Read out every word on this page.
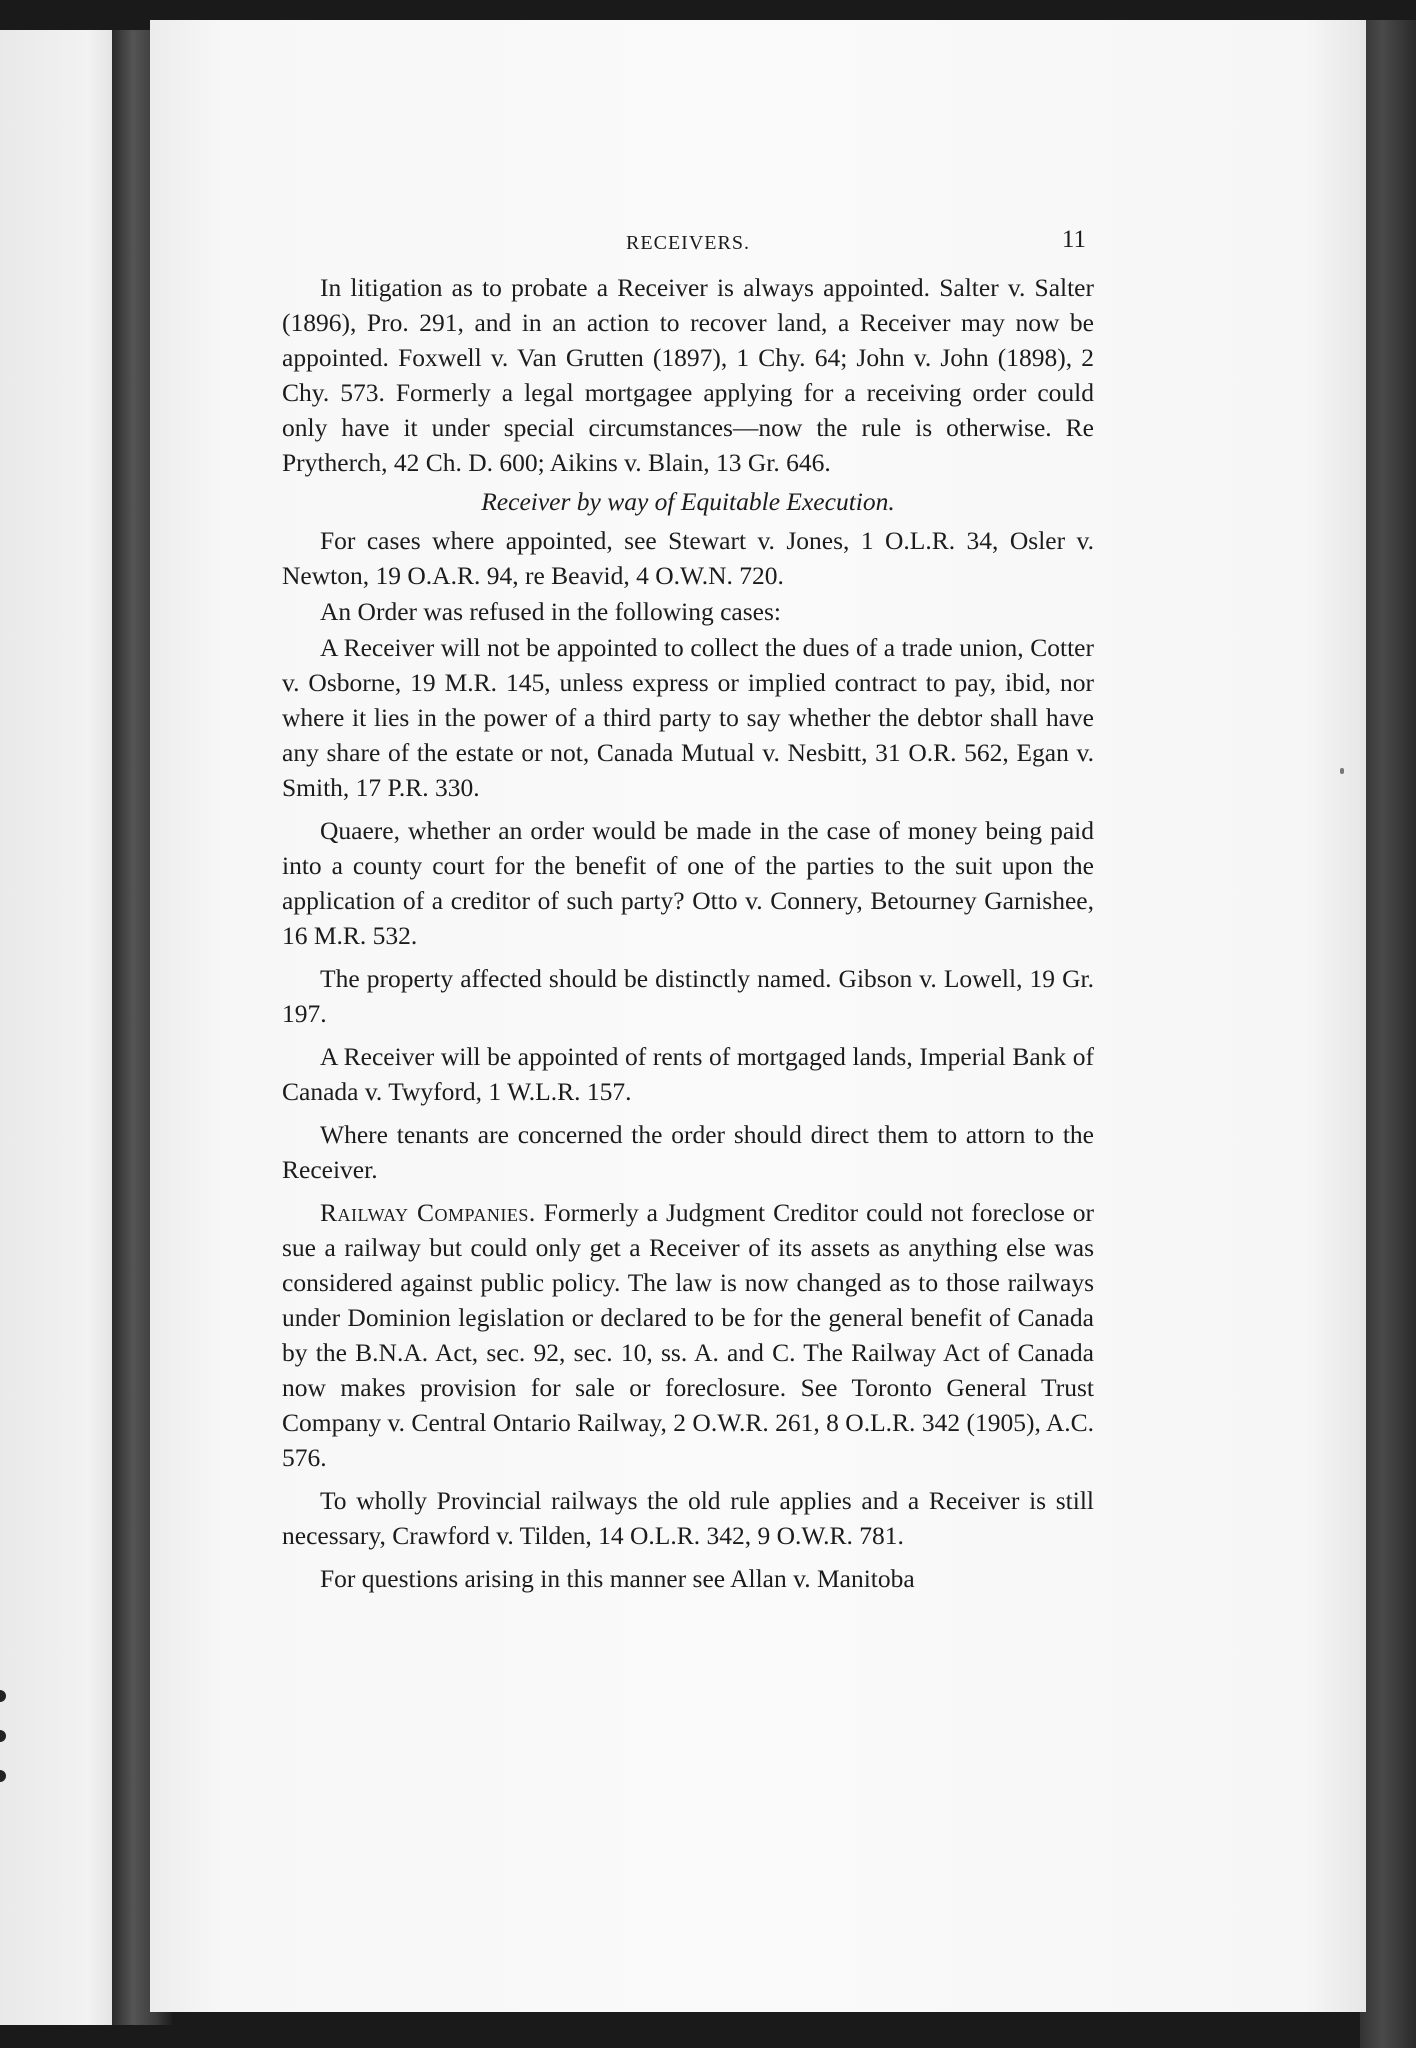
RECEIVERS.	11

In litigation as to probate a Receiver is always appointed. Salter v. Salter (1896), Pro. 291, and in an action to recover land, a Receiver may now be appointed. Foxwell v. Van Grutten (1897), 1 Chy. 64; John v. John (1898), 2 Chy. 573. Formerly a legal mortgagee applying for a receiving order could only have it under special circumstances—now the rule is otherwise. Re Prytherch, 42 Ch. D. 600; Aikins v. Blain, 13 Gr. 646.

Receiver by way of Equitable Execution.

For cases where appointed, see Stewart v. Jones, 1 O.L.R. 34, Osler v. Newton, 19 O.A.R. 94, re Beavid, 4 O.W.N. 720.

An Order was refused in the following cases:

A Receiver will not be appointed to collect the dues of a trade union, Cotter v. Osborne, 19 M.R. 145, unless express or implied contract to pay, ibid, nor where it lies in the power of a third party to say whether the debtor shall have any share of the estate or not, Canada Mutual v. Nesbitt, 31 O.R. 562, Egan v. Smith, 17 P.R. 330.

Quaere, whether an order would be made in the case of money being paid into a county court for the benefit of one of the parties to the suit upon the application of a creditor of such party? Otto v. Connery, Betourney Garnishee, 16 M.R. 532.

The property affected should be distinctly named. Gibson v. Lowell, 19 Gr. 197.

A Receiver will be appointed of rents of mortgaged lands, Imperial Bank of Canada v. Twyford, 1 W.L.R. 157.

Where tenants are concerned the order should direct them to attorn to the Receiver.

Railway Companies. Formerly a Judgment Creditor could not foreclose or sue a railway but could only get a Receiver of its assets as anything else was considered against public policy. The law is now changed as to those railways under Dominion legislation or declared to be for the general benefit of Canada by the B.N.A. Act, sec. 92, sec. 10, ss. A. and C. The Railway Act of Canada now makes provision for sale or foreclosure. See Toronto General Trust Company v. Central Ontario Railway, 2 O.W.R. 261, 8 O.L.R. 342 (1905), A.C. 576.

To wholly Provincial railways the old rule applies and a Receiver is still necessary, Crawford v. Tilden, 14 O.L.R. 342, 9 O.W.R. 781.

For questions arising in this manner see Allan v. Manitoba
